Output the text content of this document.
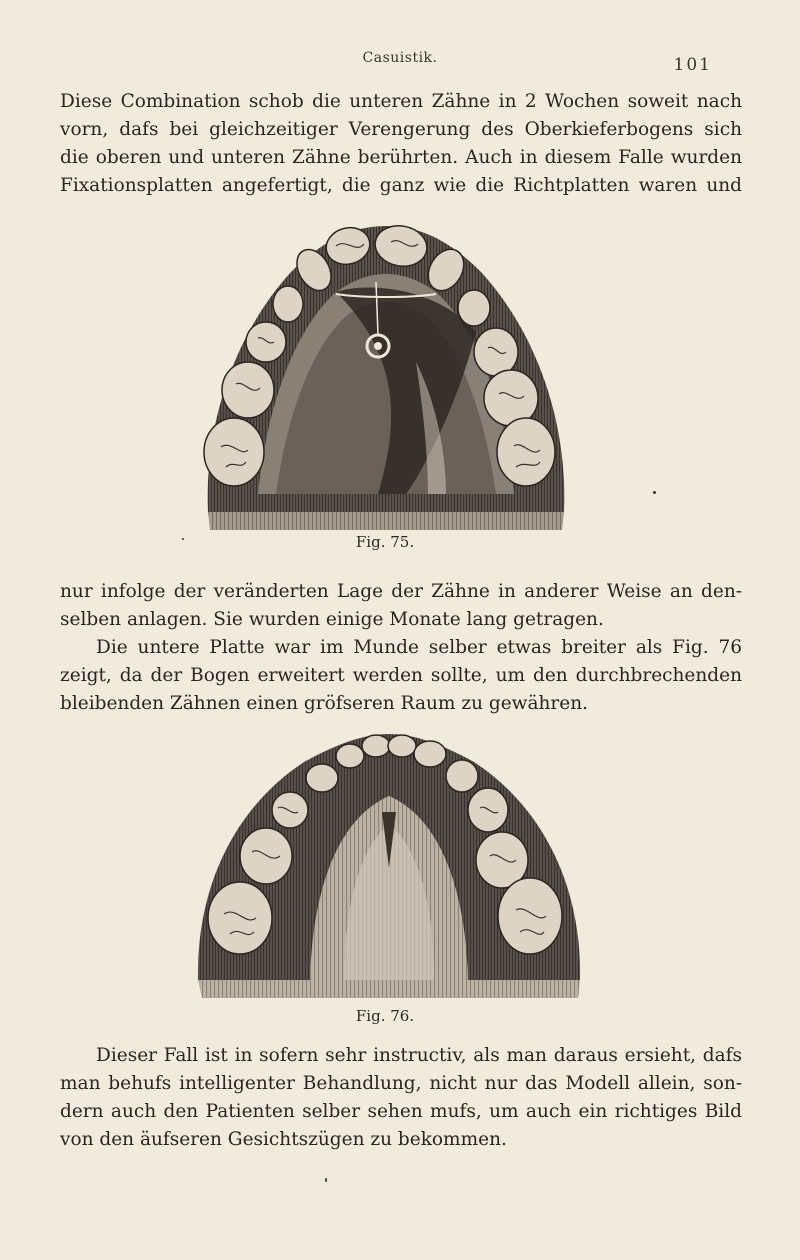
Casuistik.	101

Diese Combination schob die unteren Zähne in 2 Wochen soweit nach
vorn, dafs bei gleichzeitiger Verengerung des Oberkieferbogens sich
die oberen und unteren Zähne berührten. Auch in diesem Falle wurden
Fixationsplatten angefertigt, die ganz wie die Richtplatten waren und

Fig. 75.

nur infolge der veränderten Lage der Zähne in anderer Weise an den-
selben anlagen. Sie wurden einige Monate lang getragen.

Die untere Platte war im Munde selber etwas breiter als Fig. 76
zeigt, da der Bogen erweitert werden sollte, um den durchbrechenden
bleibenden Zähnen einen gröfseren Raum zu gewähren.

Fig. 76.

Dieser Fall ist in sofern sehr instructiv, als man daraus ersieht, dafs
man behufs intelligenter Behandlung, nicht nur das Modell allein, son-
dern auch den Patienten selber sehen mufs, um auch ein richtiges Bild
von den äufseren Gesichtszügen zu bekommen.
